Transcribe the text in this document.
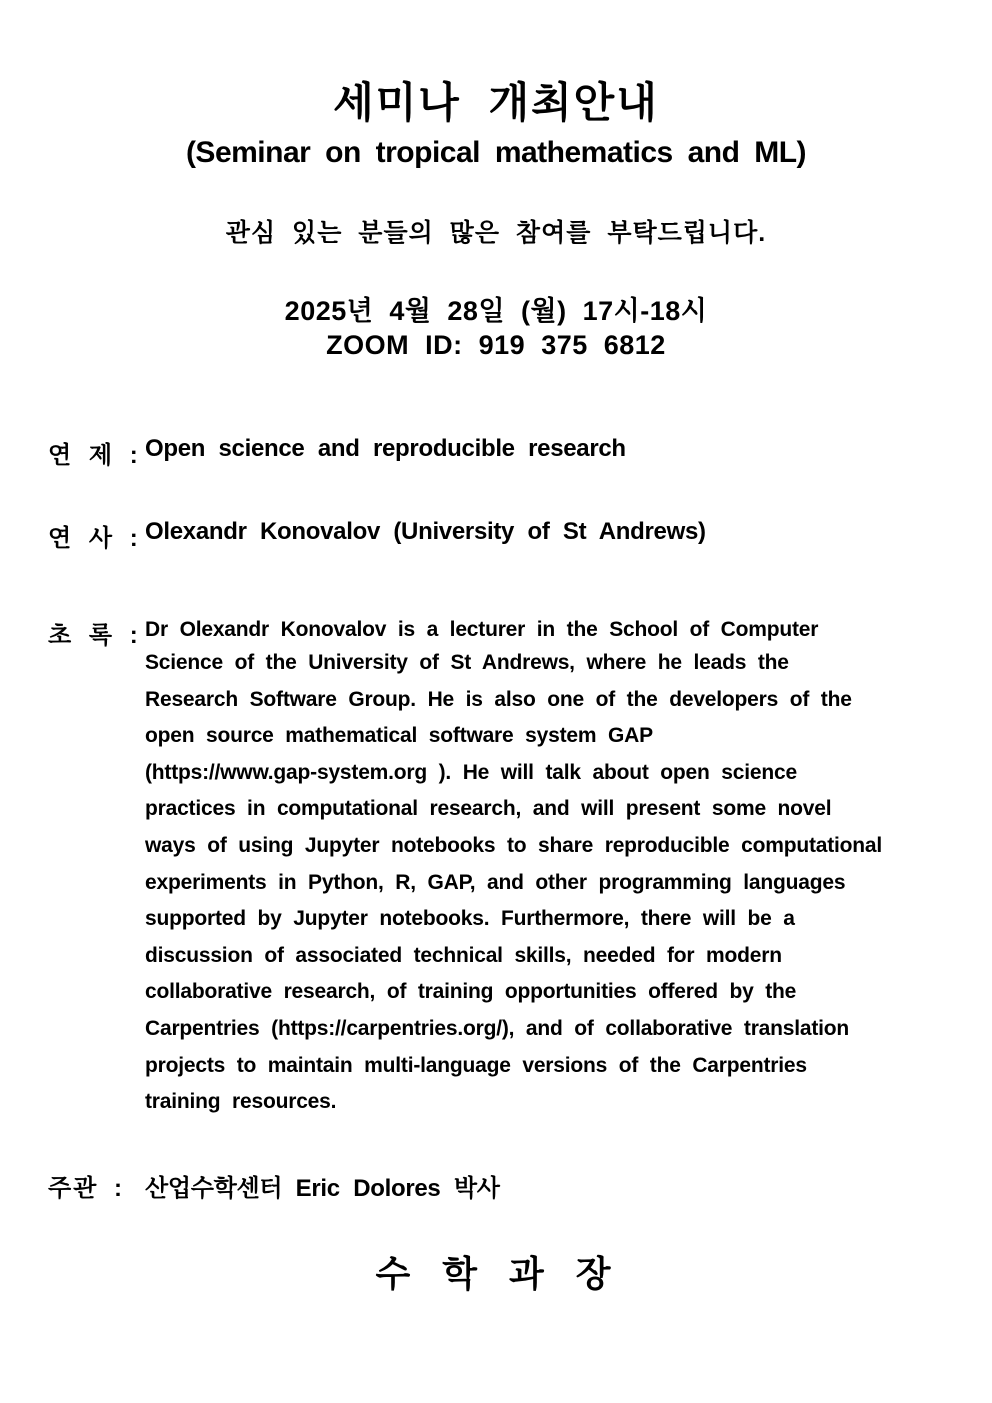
세미나 개최안내
(Seminar on tropical mathematics and ML)
관심 있는 분들의 많은 참여를 부탁드립니다.
2025년 4월 28일 (월) 17시-18시
ZOOM ID: 919 375 6812
연 제 : Open science and reproducible research
연 사 : Olexandr Konovalov (University of St Andrews)
초 록 : Dr Olexandr Konovalov is a lecturer in the School of Computer
Science of the University of St Andrews, where he leads the
Research Software Group. He is also one of the developers of the
open source mathematical software system GAP
(https://www.gap-system.org ). He will talk about open science
practices in computational research, and will present some novel
ways of using Jupyter notebooks to share reproducible computational
experiments in Python, R, GAP, and other programming languages
supported by Jupyter notebooks. Furthermore, there will be a
discussion of associated technical skills, needed for modern
collaborative research, of training opportunities offered by the
Carpentries (https://carpentries.org/), and of collaborative translation
projects to maintain multi-language versions of the Carpentries
training resources.
주관 : 산업수학센터 Eric Dolores 박사
수 학 과 장
